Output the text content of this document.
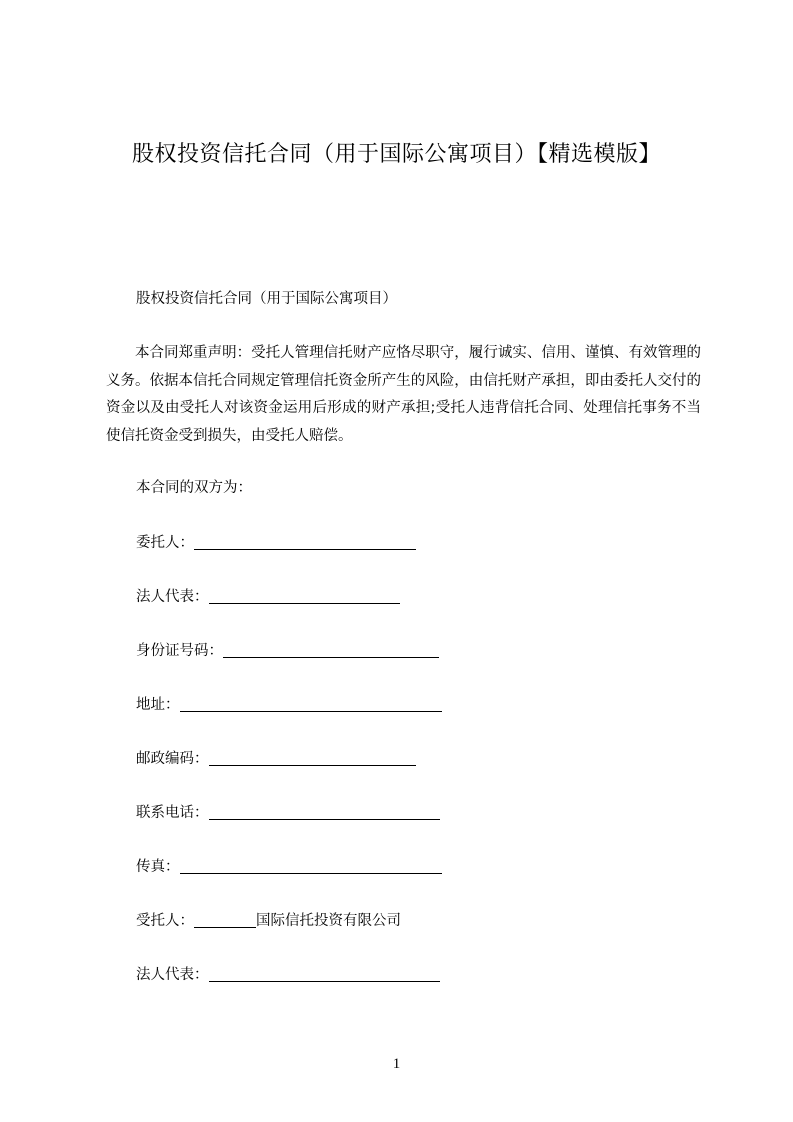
股权投资信托合同（用于国际公寓项目）【精选模版】

股权投资信托合同（用于国际公寓项目）

本合同郑重声明：受托人管理信托财产应恪尽职守，履行诚实、信用、谨慎、有效管理的义务。依据本信托合同规定管理信托资金所产生的风险，由信托财产承担，即由委托人交付的资金以及由受托人对该资金运用后形成的财产承担;受托人违背信托合同、处理信托事务不当使信托资金受到损失，由受托人赔偿。

本合同的双方为：

委托人：
法人代表：
身份证号码：
地址：
邮政编码：
联系电话：
传真：
受托人：	国际信托投资有限公司
法人代表：
1
